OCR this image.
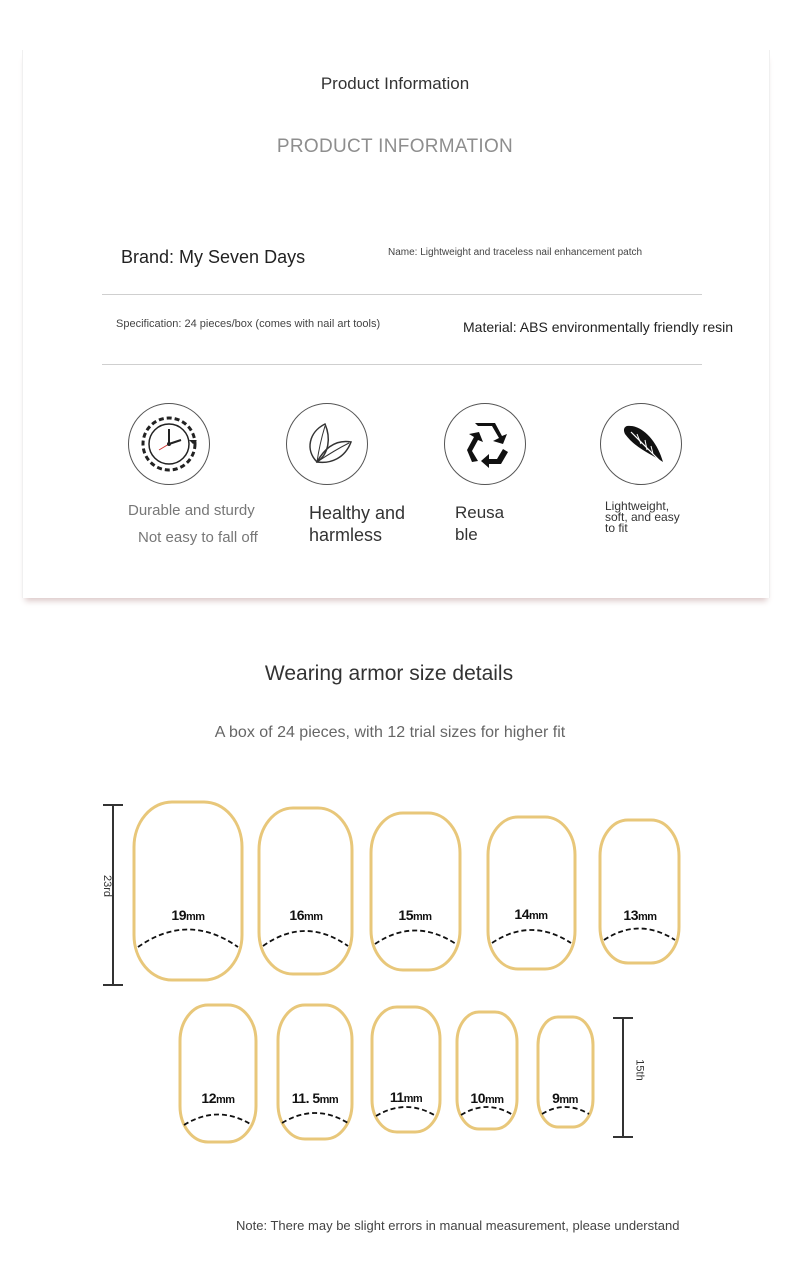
Product Information
PRODUCT INFORMATION
Brand: My Seven Days	Name: Lightweight and traceless nail enhancement patch
Specification: 24 pieces/box (comes with nail art tools)	Material: ABS environmentally friendly resin
Durable and sturdy
Not easy to fall off
Healthy and harmless
Reusa ble
Lightweight, soft, and easy to fit
Wearing armor size details
A box of 24 pieces, with 12 trial sizes for higher fit
23rd
15th
19mm	16mm	15mm	14mm	13mm
12mm	11. 5mm	11mm	10mm	9mm
Note: There may be slight errors in manual measurement, please understand
